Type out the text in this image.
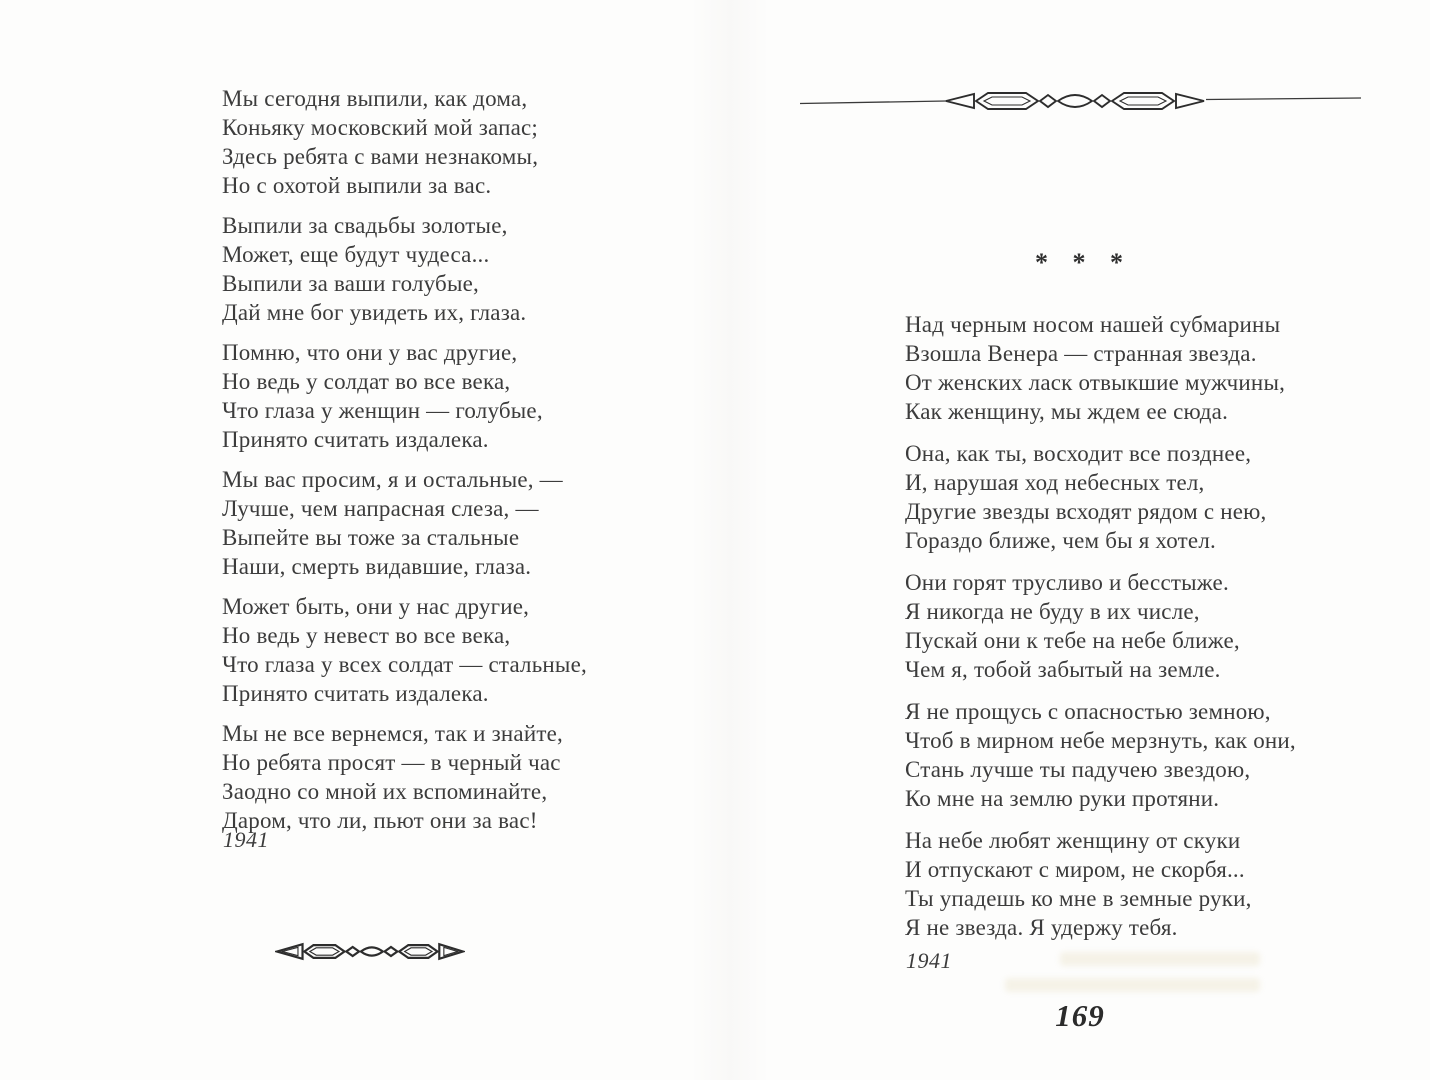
Мы сегодня выпили, как дома,
Коньяку московский мой запас;
Здесь ребята с вами незнакомы,
Но с охотой выпили за вас.

Выпили за свадьбы золотые,
Может, еще будут чудеса...
Выпили за ваши голубые,
Дай мне бог увидеть их, глаза.

Помню, что они у вас другие,
Но ведь у солдат во все века,
Что глаза у женщин — голубые,
Принято считать издалека.

Мы вас просим, я и остальные, —
Лучше, чем напрасная слеза, —
Выпейте вы тоже за стальные
Наши, смерть видавшие, глаза.

Может быть, они у нас другие,
Но ведь у невест во все века,
Что глаза у всех солдат — стальные,
Принято считать издалека.

Мы не все вернемся, так и знайте,
Но ребята просят — в черный час
Заодно со мной их вспоминайте,
Даром, что ли, пьют они за вас!

1941
* * *

Над черным носом нашей субмарины
Взошла Венера — странная звезда.
От женских ласк отвыкшие мужчины,
Как женщину, мы ждем ее сюда.

Она, как ты, восходит все позднее,
И, нарушая ход небесных тел,
Другие звезды всходят рядом с нею,
Гораздо ближе, чем бы я хотел.

Они горят трусливо и бесстыже.
Я никогда не буду в их числе,
Пускай они к тебе на небе ближе,
Чем я, тобой забытый на земле.

Я не прощусь с опасностью земною,
Чтоб в мирном небе мерзнуть, как они,
Стань лучше ты падучею звездою,
Ко мне на землю руки протяни.

На небе любят женщину от скуки
И отпускают с миром, не скорбя...
Ты упадешь ко мне в земные руки,
Я не звезда. Я удержу тебя.

1941
169
